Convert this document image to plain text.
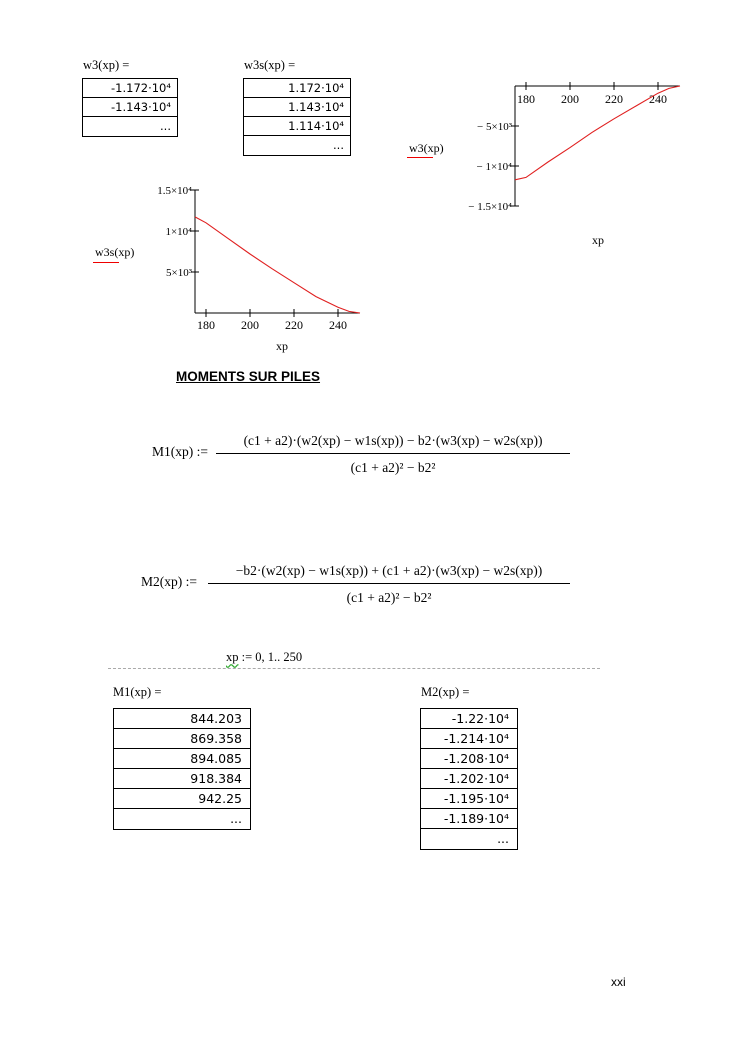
w3(xp) =
-1.172·10⁴
-1.143·10⁴
...
w3s(xp) =
1.172·10⁴
1.143·10⁴
1.114·10⁴
...	w3(xp)
180 200 220 240
− 5×10³
− 1×10⁴
− 1.5×10⁴
xp
w3s(xp)
180 200 220 240
1.5×10⁴
1×10⁴
5×10³
xp
MOMENTS SUR PILES
M1(xp) :=
(c1 + a2)·(w2(xp) − w1s(xp)) − b2·(w3(xp) − w2s(xp))
(c1 + a2)² − b2²
M2(xp) :=
−b2·(w2(xp) − w1s(xp)) + (c1 + a2)·(w3(xp) − w2s(xp))
(c1 + a2)² − b2²
xp := 0, 1.. 250
M1(xp) =
844.203
869.358
894.085
918.384
942.25
...
M2(xp) =
-1.22·10⁴
-1.214·10⁴
-1.208·10⁴
-1.202·10⁴
-1.195·10⁴
-1.189·10⁴
...
xxi
